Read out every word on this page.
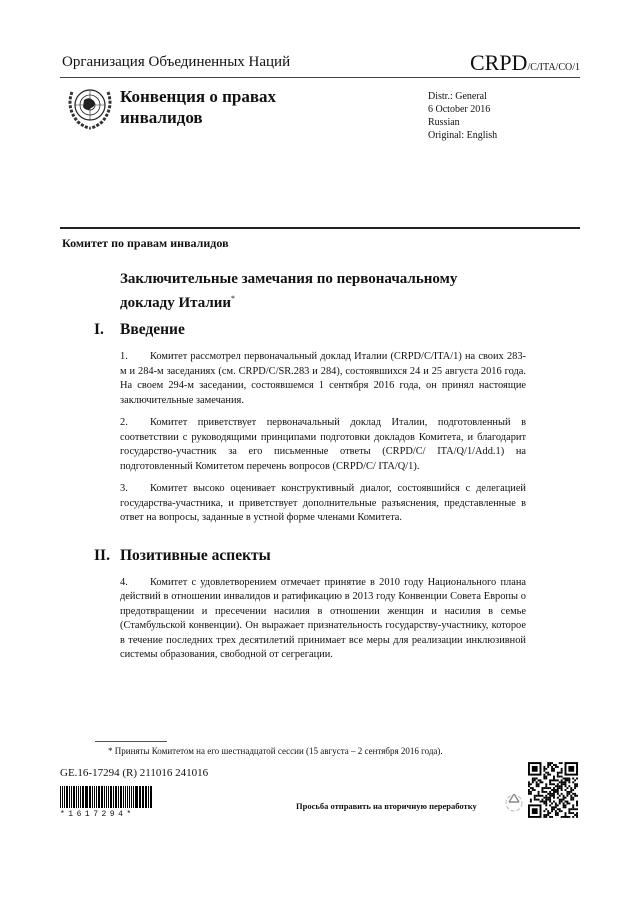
Организация Объединенных Наций	CRPD/C/ITA/CO/1
Конвенция о правах
инвалидов
Distr.: General
6 October 2016
Russian
Original: English
Комитет по правам инвалидов
Заключительные замечания по первоначальному
докладу Италии*
I. Введение
1. Комитет рассмотрел первоначальный доклад Италии (CRPD/C/ITA/1) на своих 283-м и 284-м заседаниях (см. CRPD/C/SR.283 и 284), состоявшихся 24 и 25 августа 2016 года. На своем 294-м заседании, состоявшемся 1 сентября 2016 года, он принял настоящие заключительные замечания.
2. Комитет приветствует первоначальный доклад Италии, подготовленный в соответствии с руководящими принципами подготовки докладов Комитета, и благодарит государство-участник за его письменные ответы (CRPD/C/ ITA/Q/1/Add.1) на подготовленный Комитетом перечень вопросов (CRPD/C/ ITA/Q/1).
3. Комитет высоко оценивает конструктивный диалог, состоявшийся с делегацией государства-участника, и приветствует дополнительные разъяснения, представленные в ответ на вопросы, заданные в устной форме членами Комитета.
II. Позитивные аспекты
4. Комитет с удовлетворением отмечает принятие в 2010 году Национального плана действий в отношении инвалидов и ратификацию в 2013 году Конвенции Совета Европы о предотвращении и пресечении насилия в отношении женщин и насилия в семье (Стамбульской конвенции). Он выражает признательность государству-участнику, которое в течение последних трех десятилетий принимает все меры для реализации инклюзивной системы образования, свободной от сегрегации.
* Приняты Комитетом на его шестнадцатой сессии (15 августа – 2 сентября 2016 года).
GE.16-17294 (R) 211016 241016
*1617294*
Просьба отправить на вторичную переработку
